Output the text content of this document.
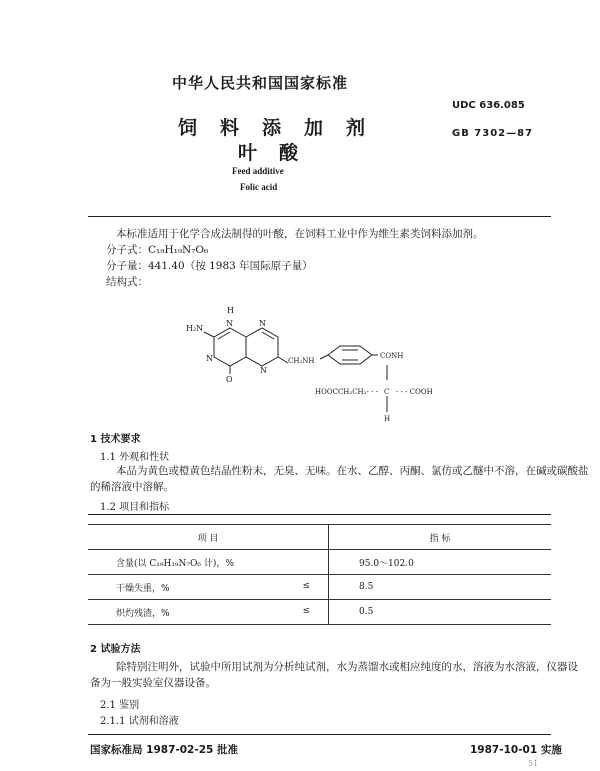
中华人民共和国国家标准
UDC 636.085
GB 7302—87
饲料添加剂
叶酸
Feed additive
Folic acid
本标准适用于化学合成法制得的叶酸，在饲料工业中作为维生素类饲料添加剂。
分子式：C₁₉H₁₉N₇O₆
分子量：441.40（按 1983 年国际原子量）
结构式：
H
N	N
H₂N
N
N
O
CH₂NH
CONH
HOOCCH₂CH₂- - - C - - - COOH
H
1 技术要求
1.1 外观和性状
本品为黄色或橙黄色结晶性粉末，无臭、无味。在水、乙醇、丙酮、氯仿或乙醚中不溶，在碱或碳酸盐
的稀溶液中溶解。
1.2 项目和指标
项 目	指 标
含量(以 C₁₉H₁₉N₇O₆ 计)，%	95.0～102.0
干燥失重，% ≤	8.5
炽灼残渣，% ≤	0.5
2 试验方法
除特别注明外，试验中所用试剂为分析纯试剂，水为蒸馏水或相应纯度的水，溶液为水溶液，仪器设
备为一般实验室仪器设备。
2.1 鉴别
2.1.1 试剂和溶液
国家标准局 1987-02-25 批准	1987-10-01 实施
51
